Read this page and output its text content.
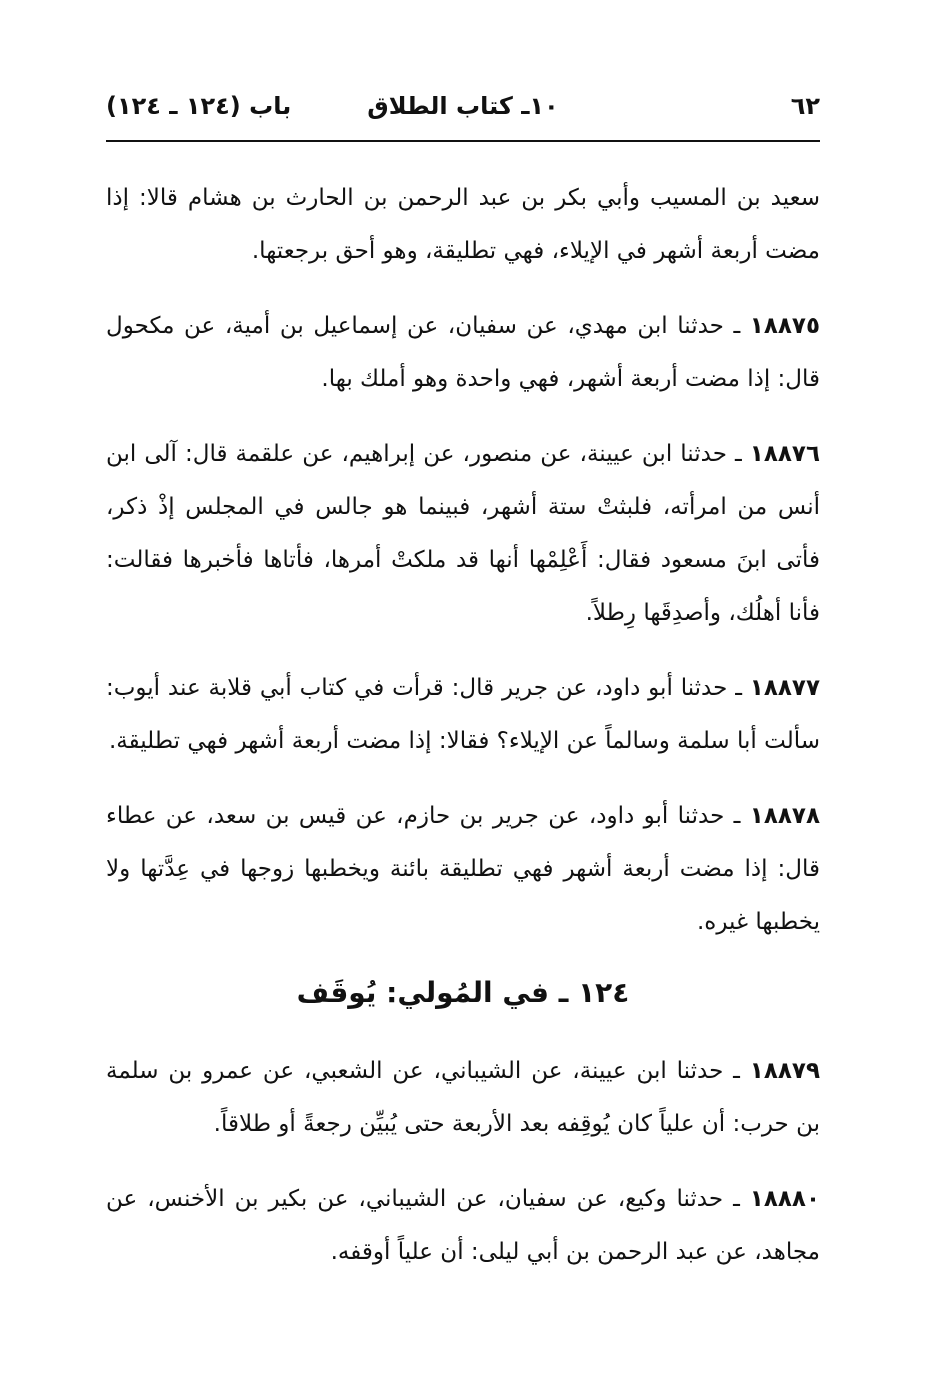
٦٢
١٠ـ كتاب الطلاق
باب (١٢٤ ـ ١٢٤)

سعيد بن المسيب وأبي بكر بن عبد الرحمن بن الحارث بن هشام قالا: إذا مضت أربعة أشهر في الإيلاء، فهي تطليقة، وهو أحق برجعتها.

١٨٨٧٥ ـ حدثنا ابن مهدي، عن سفيان، عن إسماعيل بن أمية، عن مكحول قال: إذا مضت أربعة أشهر، فهي واحدة وهو أملك بها.

١٨٨٧٦ ـ حدثنا ابن عيينة، عن منصور، عن إبراهيم، عن علقمة قال: آلى ابن أنس من امرأته، فلبثتْ ستة أشهر، فبينما هو جالس في المجلس إذْ ذكر، فأتى ابنَ مسعود فقال: أَعْلِمْها أنها قد ملكتْ أمرها، فأتاها فأخبرها فقالت: فأنا أهلُك، وأصدِقَها رِطلاً.

١٨٨٧٧ ـ حدثنا أبو داود، عن جرير قال: قرأت في كتاب أبي قلابة عند أيوب: سألت أبا سلمة وسالماً عن الإيلاء؟ فقالا: إذا مضت أربعة أشهر فهي تطليقة.

١٨٨٧٨ ـ حدثنا أبو داود، عن جرير بن حازم، عن قيس بن سعد، عن عطاء قال: إذا مضت أربعة أشهر فهي تطليقة بائنة ويخطبها زوجها في عِدَّتها ولا يخطبها غيره.

١٢٤ ـ في المُولي: يُوقَف

١٨٨٧٩ ـ حدثنا ابن عيينة، عن الشيباني، عن الشعبي، عن عمرو بن سلمة بن حرب: أن علياً كان يُوقِفه بعد الأربعة حتى يُبيِّن رجعةً أو طلاقاً.

١٨٨٨٠ ـ حدثنا وكيع، عن سفيان، عن الشيباني، عن بكير بن الأخنس، عن مجاهد، عن عبد الرحمن بن أبي ليلى: أن علياً أوقفه.
